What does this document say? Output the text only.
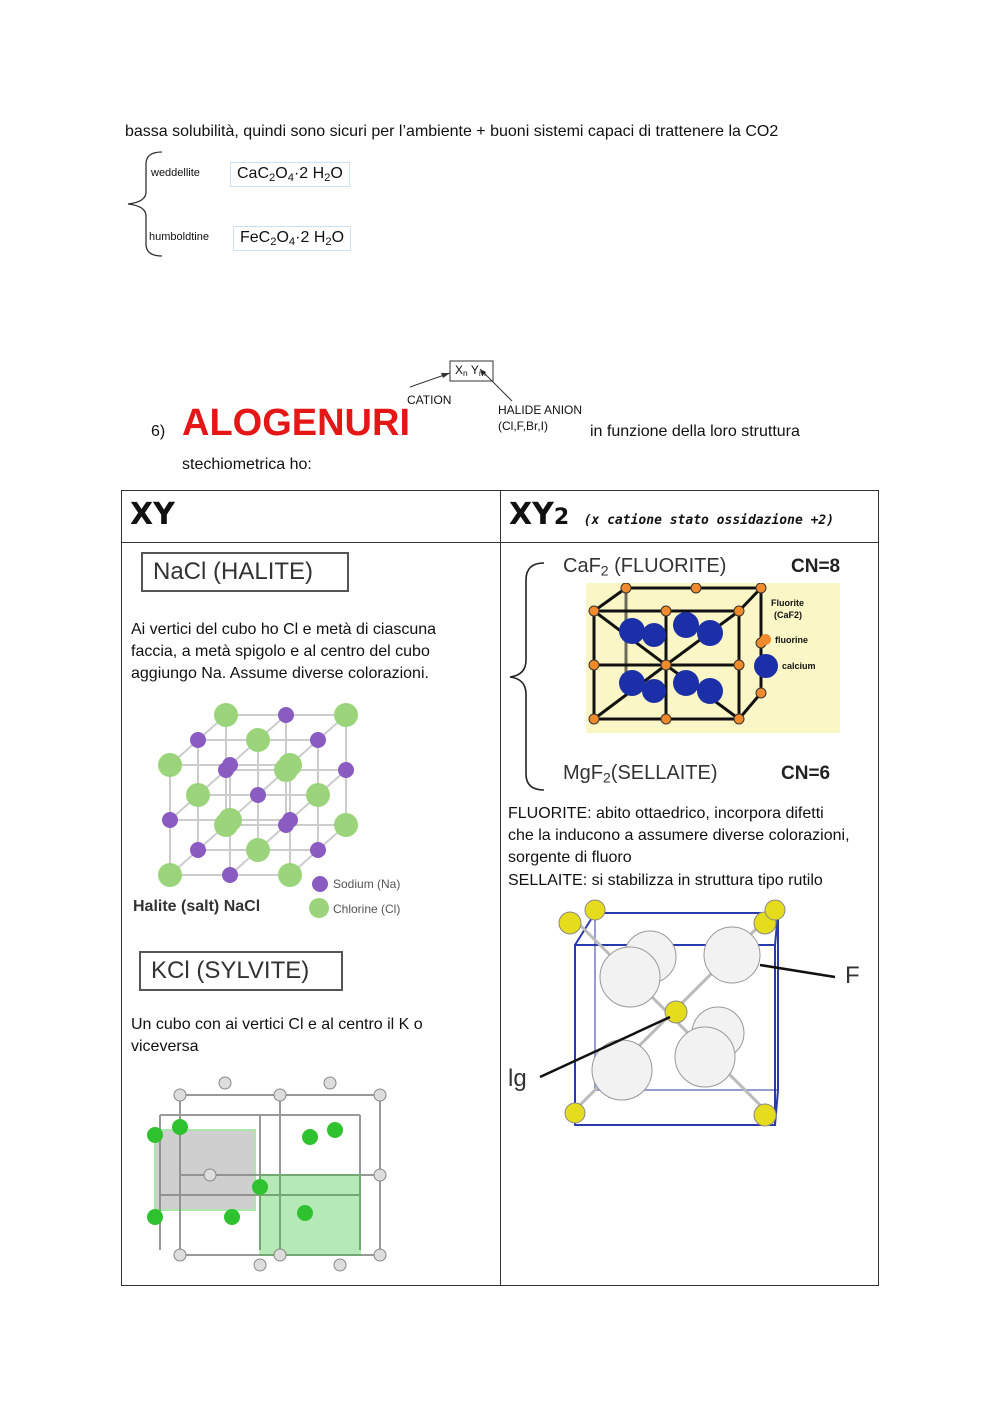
bassa solubilità, quindi sono sicuri per l’ambiente + buoni sistemi capaci di trattenere la CO2
weddellite	$CaC_2O_4\cdot 2$ $H_2O$
humboldtine	$FeC_2O_4\cdot 2$ $H_2O$
6) ALOGENURI
$X_n$ $Y_m$
CATION
HALIDE ANION
(Cl,F,Br,I)	in funzione della loro struttura
stechiometrica ho:
XY	XY2 (x catione stato ossidazione +2)

NaCl (HALITE)
Ai vertici del cubo ho Cl e metà di ciascuna faccia, a metà spigolo e al centro del cubo aggiungo Na. Assume diverse colorazioni.
Halite (salt) NaCl
Sodium (Na)
Chlorine (Cl)
KCl (SYLVITE)
Un cubo con ai vertici Cl e al centro il K o viceversa
CaF$_2$ (FLUORITE)	CN=8
Fluorite
(CaF2)
fluorine
calcium
MgF$_2$(SELLAITE)	CN=6
FLUORITE: abito ottaedrico, incorpora difetti
che la inducono a assumere diverse colorazioni,
sorgente di fluoro
SELLAITE: si stabilizza in struttura tipo rutilo
F
lg
